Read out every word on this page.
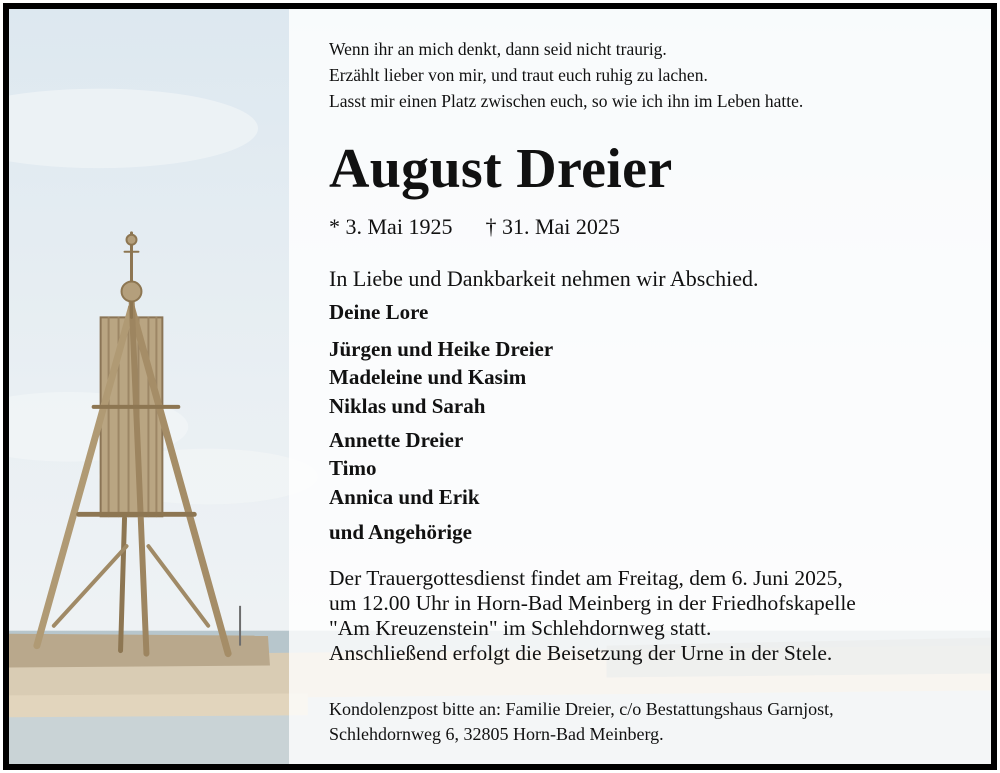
Wenn ihr an mich denkt, dann seid nicht traurig.
Erzählt lieber von mir, und traut euch ruhig zu lachen.
Lasst mir einen Platz zwischen euch, so wie ich ihn im Leben hatte.
August Dreier
* 3. Mai 1925 † 31. Mai 2025
In Liebe und Dankbarkeit nehmen wir Abschied.
Deine Lore
Jürgen und Heike Dreier
Madeleine und Kasim
Niklas und Sarah
Annette Dreier
Timo
Annica und Erik
und Angehörige
Der Trauergottesdienst findet am Freitag, dem 6. Juni 2025,
um 12.00 Uhr in Horn-Bad Meinberg in der Friedhofskapelle
"Am Kreuzenstein" im Schlehdornweg statt.
Anschließend erfolgt die Beisetzung der Urne in der Stele.
Kondolenzpost bitte an: Familie Dreier, c/o Bestattungshaus Garnjost,
Schlehdornweg 6, 32805 Horn-Bad Meinberg.
